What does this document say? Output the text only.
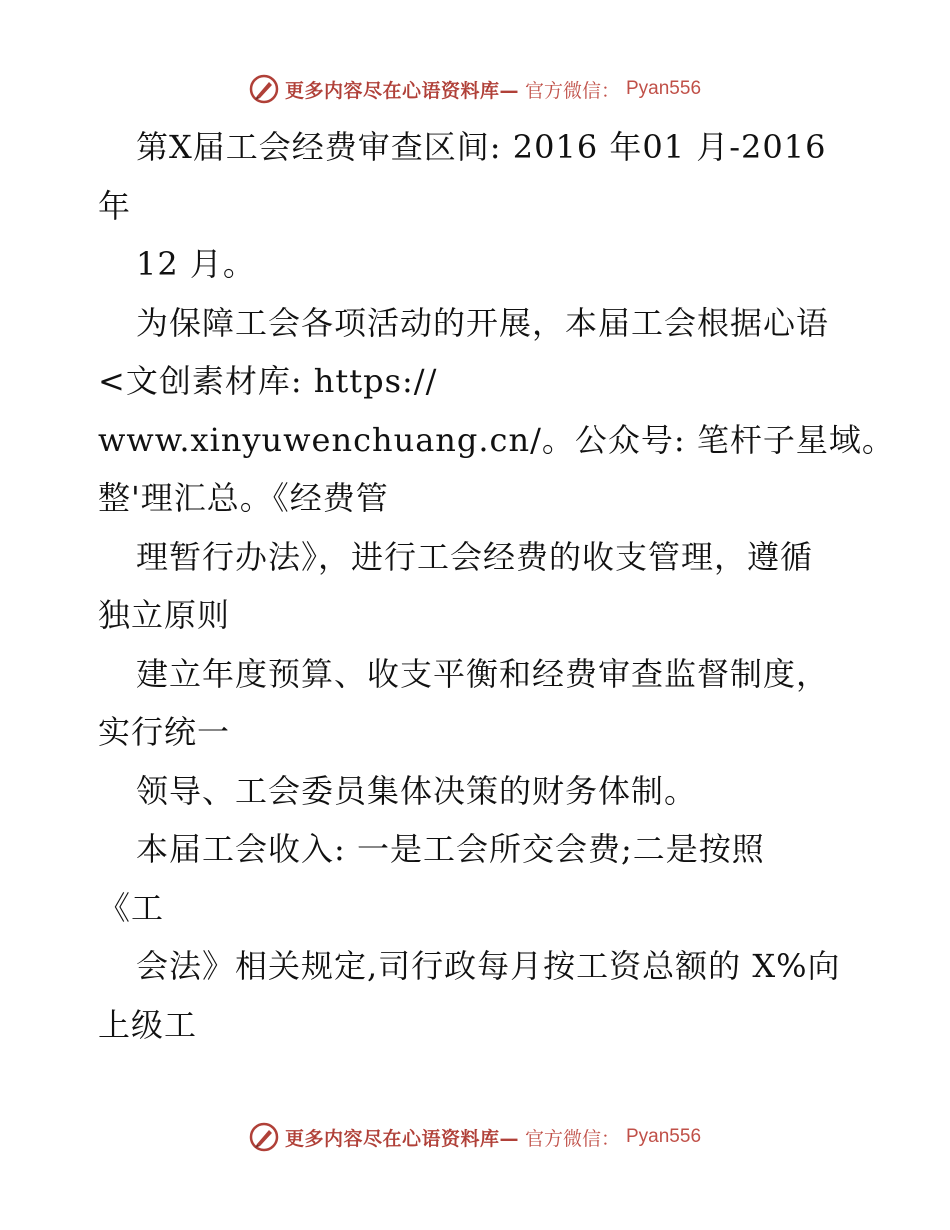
更多内容尽在心语资料库— 官方微信： Pyan556
第X届工会经费审查区间: 2016 年01 月-2016
年
12 月。
为保障工会各项活动的开展，本届工会根据心语
<文创素材库: https://
www.xinyuwenchuang.cn/。公众号: 笔杆子星域。
整'理汇总。《经费管
理暂行办法》，进行工会经费的收支管理，遵循
独立原则
建立年度预算、收支平衡和经费审查监督制度，
实行统一
领导、工会委员集体决策的财务体制。
本届工会收入: 一是工会所交会费;二是按照
《工
会法》相关规定,司行政每月按工资总额的 X%向
上级工
更多内容尽在心语资料库— 官方微信： Pyan556
